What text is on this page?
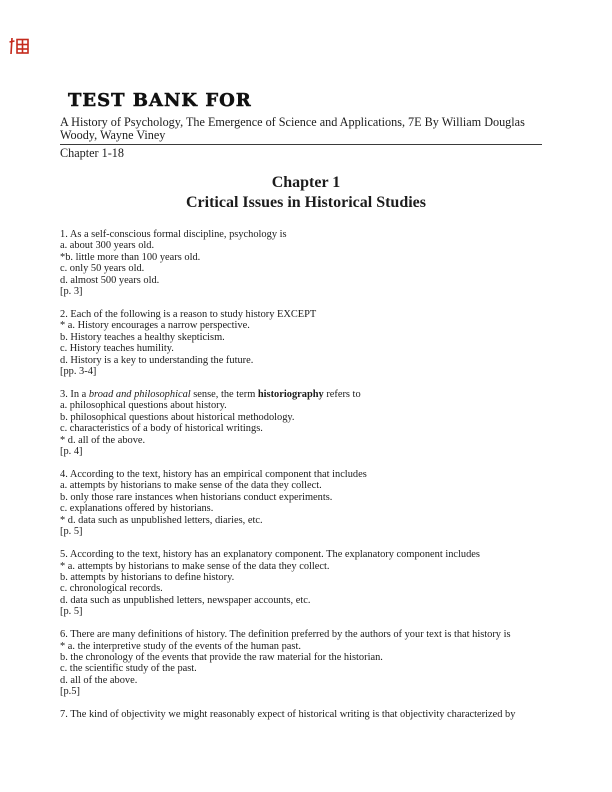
TEST BANK FOR
A History of Psychology, The Emergence of Science and Applications, 7E By William Douglas
Woody, Wayne Viney
Chapter 1-18
Chapter 1
Critical Issues in Historical Studies
1. As a self-conscious formal discipline, psychology is
a. about 300 years old.
*b. little more than 100 years old.
c. only 50 years old.
d. almost 500 years old.
[p. 3]
2. Each of the following is a reason to study history EXCEPT
* a. History encourages a narrow perspective.
b. History teaches a healthy skepticism.
c. History teaches humility.
d. History is a key to understanding the future.
[pp. 3-4]
3. In a broad and philosophical sense, the term historiography refers to
a. philosophical questions about history.
b. philosophical questions about historical methodology.
c. characteristics of a body of historical writings.
* d. all of the above.
[p. 4]
4. According to the text, history has an empirical component that includes
a. attempts by historians to make sense of the data they collect.
b. only those rare instances when historians conduct experiments.
c. explanations offered by historians.
* d. data such as unpublished letters, diaries, etc.
[p. 5]
5. According to the text, history has an explanatory component. The explanatory component includes
* a. attempts by historians to make sense of the data they collect.
b. attempts by historians to define history.
c. chronological records.
d. data such as unpublished letters, newspaper accounts, etc.
[p. 5]
6. There are many definitions of history. The definition preferred by the authors of your text is that history is
* a. the interpretive study of the events of the human past.
b. the chronology of the events that provide the raw material for the historian.
c. the scientific study of the past.
d. all of the above.
[p.5]
7. The kind of objectivity we might reasonably expect of historical writing is that objectivity characterized by
